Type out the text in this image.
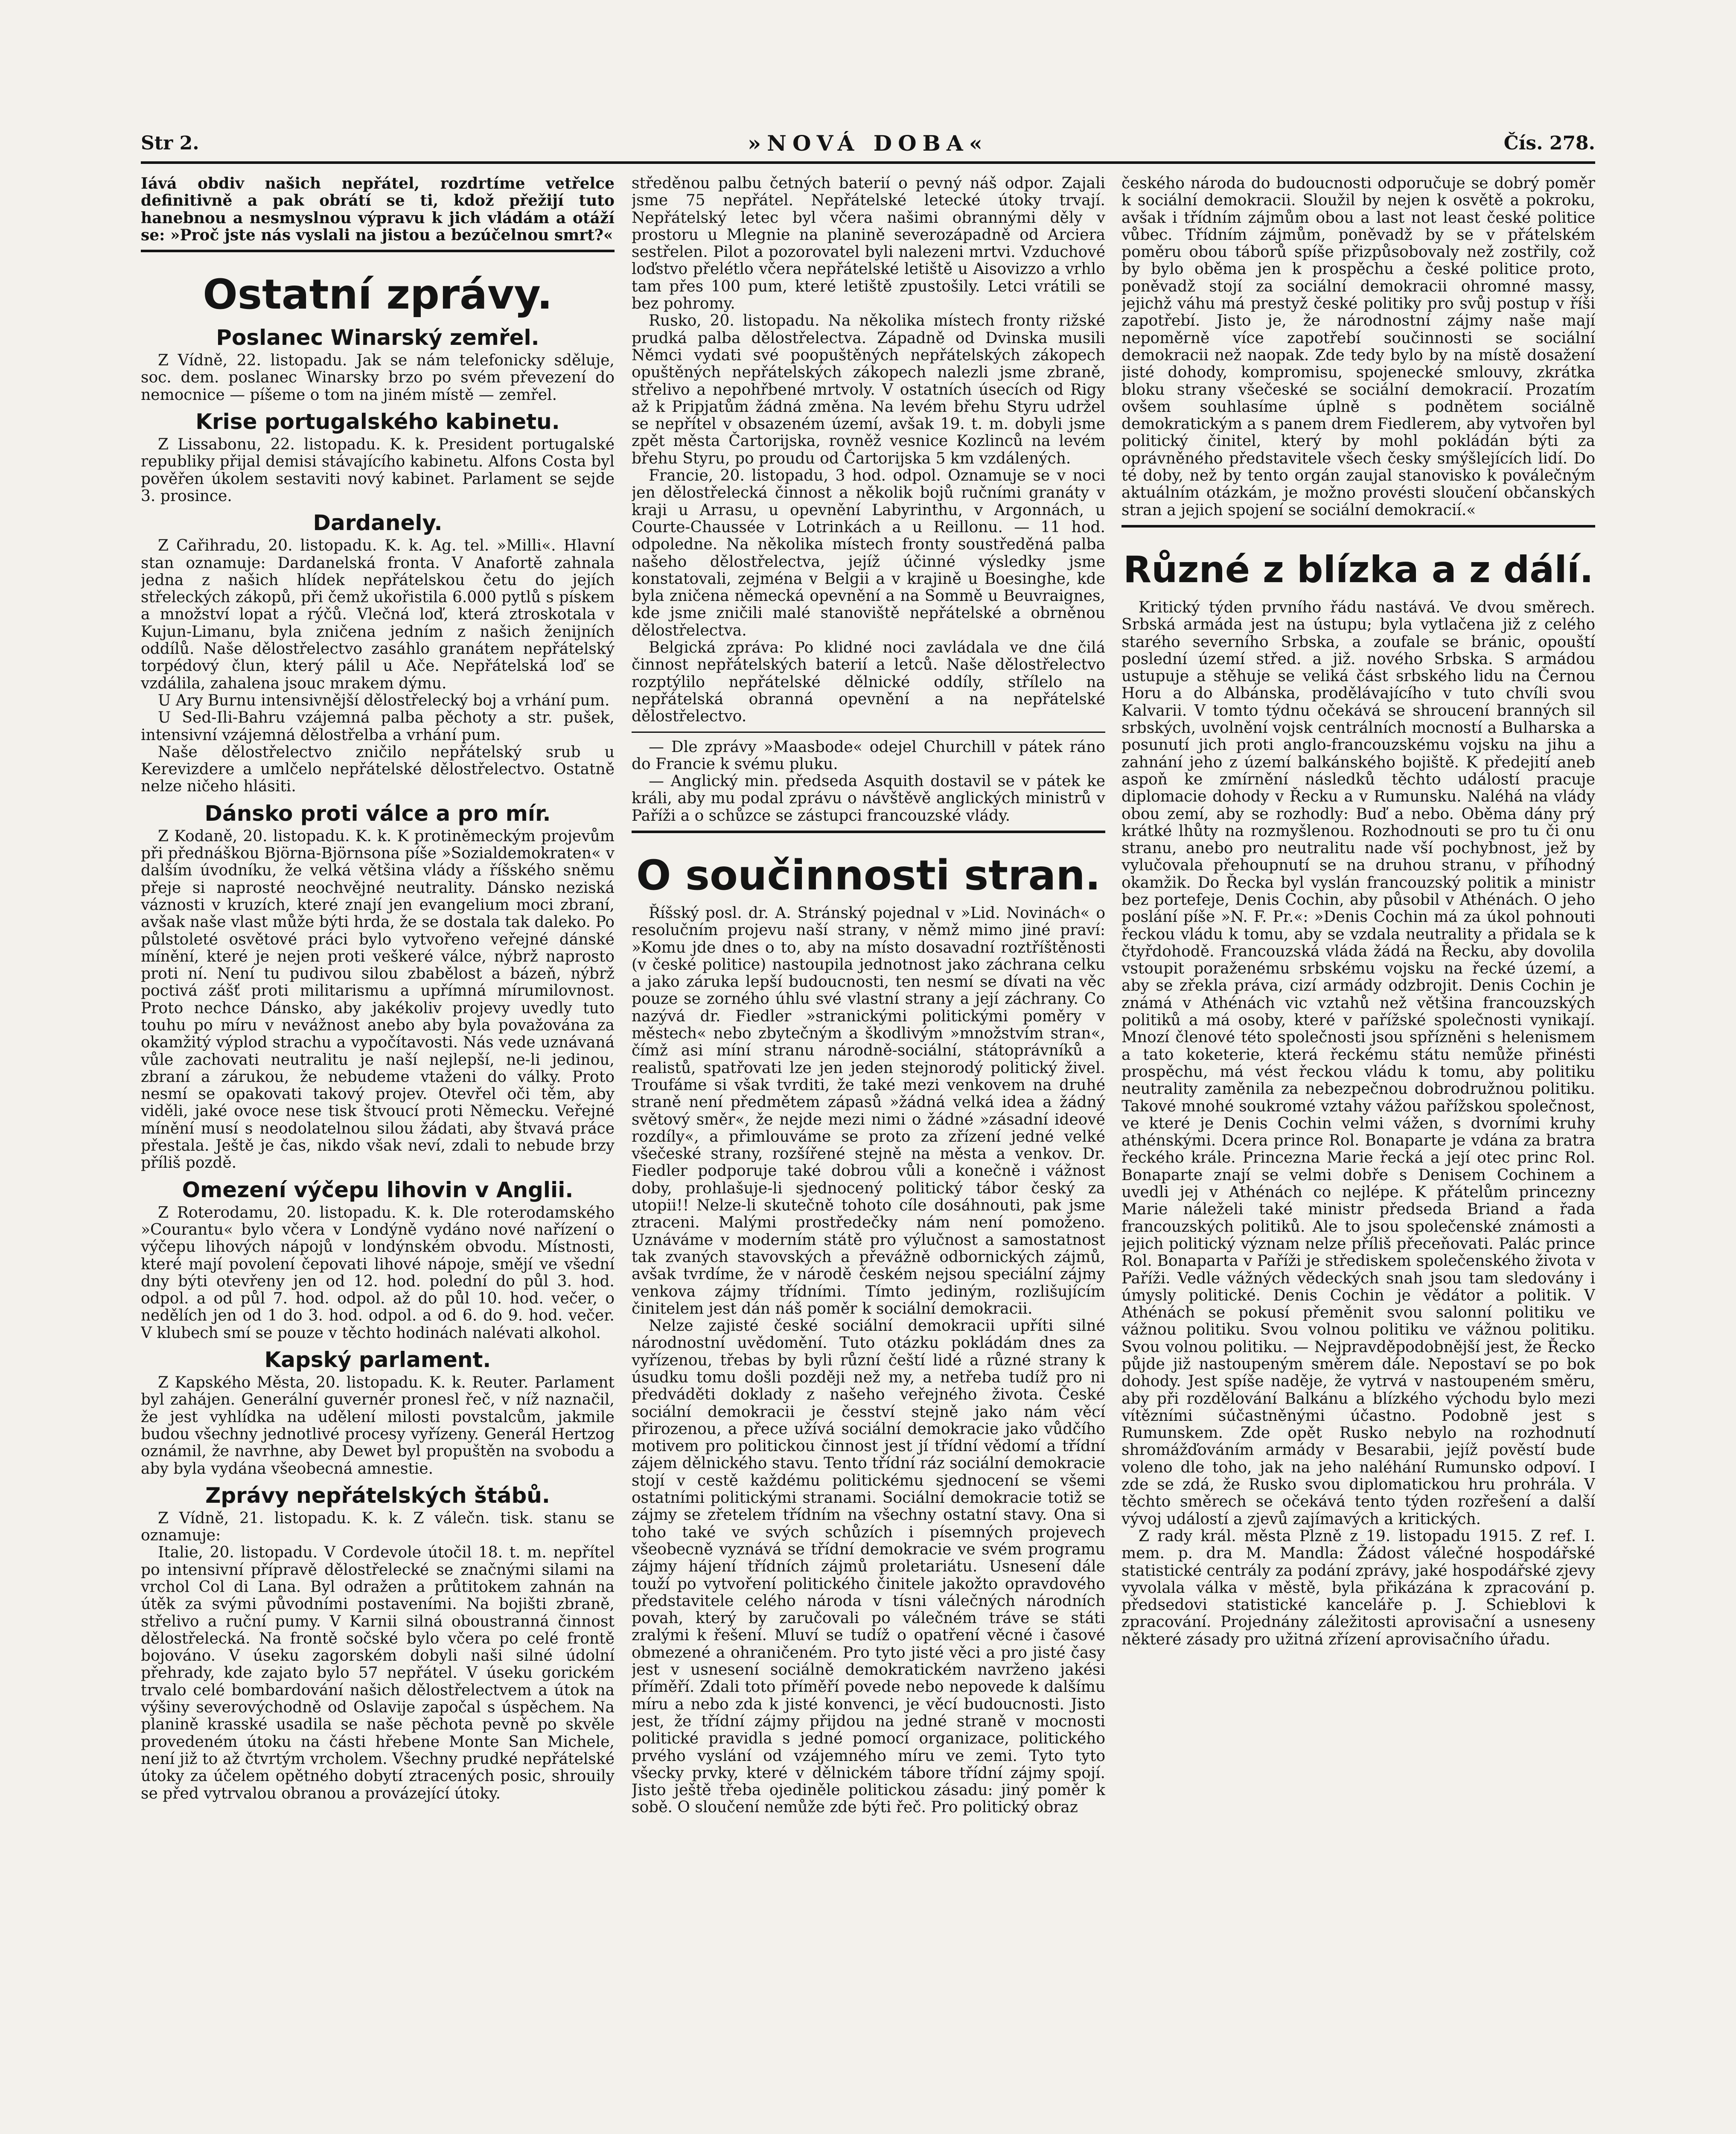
Str 2.	»NOVÁ DOBA«	Čís. 278.

Iává obdiv našich nepřátel, rozdrtíme vetřelce definitivně a pak obrátí se ti, kdož přežijí tuto hanebnou a nesmyslnou výpravu k jich vládám a otáží se: »Proč jste nás vyslali na jistou a bezúčelnou smrt?«

Ostatní zprávy.
Poslanec Winarský zemřel.

Z Vídně, 22. listopadu. Jak se nám telefonicky sděluje, soc. dem. poslanec Winarsky brzo po svém převezení do nemocnice — píšeme o tom na jiném místě — zemřel.

Krise portugalského kabinetu.

Z Lissabonu, 22. listopadu. K. k. President portugalské republiky přijal demisi stávajícího kabinetu. Alfons Costa byl pověřen úkolem sestaviti nový kabinet. Parlament se sejde 3. prosince.

Dardanely.

Z Cařihradu, 20. listopadu. K. k. Ag. tel. »Milli«. Hlavní stan oznamuje: Dardanelská fronta. V Anafortě zahnala jedna z našich hlídek nepřátelskou četu do jejích střeleckých zákopů, při čemž ukořistila 6.000 pytlů s pískem a množství lopat a rýčů. Vlečná loď, která ztroskotala v Kujun-Limanu, byla zničena jedním z našich ženijních oddílů. Naše dělostřelectvo zasáhlo granátem nepřátelský torpédový člun, který pálil u Ače. Nepřátelská loď se vzdálila, zahalena jsouc mrakem dýmu.

U Ary Burnu intensivnější dělostřelecký boj a vrhání pum.

U Sed-Ili-Bahru vzájemná palba pěchoty a str. pušek, intensivní vzájemná dělostřelba a vrhání pum.

Naše dělostřelectvo zničilo nepřátelský srub u Kerevizdere a umlčelo nepřátelské dělostřelectvo. Ostatně nelze ničeho hlásiti.

Dánsko proti válce a pro mír.

Z Kodaně, 20. listopadu. K. k. K protiněmeckým projevům při přednáškou Björna-Björnsona píše »Sozialdemokraten« v dalším úvodníku, že velká většina vlády a říšského sněmu přeje si naprosté neochvějné neutrality. Dánsko neziská váznosti v kruzích, které znají jen evangelium moci zbraní, avšak naše vlast může býti hrda, že se dostala tak daleko. Po půlstoleté osvětové práci bylo vytvořeno veřejné dánské mínění, které je nejen proti veškeré válce, nýbrž naprosto proti ní. Není tu pudivou silou zbabělost a bázeň, nýbrž poctivá zášť proti militarismu a upřímná mírumilovnost. Proto nechce Dánsko, aby jakékoliv projevy uvedly tuto touhu po míru v nevážnost anebo aby byla považována za okamžitý výplod strachu a vypočítavosti. Nás vede uznávaná vůle zachovati neutralitu je naší nejlepší, ne-li jedinou, zbraní a zárukou, že nebudeme vtaženi do války. Proto nesmí se opakovati takový projev. Otevřel oči těm, aby viděli, jaké ovoce nese tisk štvoucí proti Německu. Veřejné mínění musí s neodolatelnou silou žádati, aby štvavá práce přestala. Ještě je čas, nikdo však neví, zdali to nebude brzy příliš pozdě.

Omezení výčepu lihovin v Anglii.

Z Roterodamu, 20. listopadu. K. k. Dle roterodamského »Courantu« bylo včera v Londýně vydáno nové nařízení o výčepu lihových nápojů v londýnském obvodu. Místnosti, které mají povolení čepovati lihové nápoje, smějí ve všední dny býti otevřeny jen od 12. hod. polední do půl 3. hod. odpol. a od půl 7. hod. odpol. až do půl 10. hod. večer, o nedělích jen od 1 do 3. hod. odpol. a od 6. do 9. hod. večer. V klubech smí se pouze v těchto hodinách nalévati alkohol.

Kapský parlament.

Z Kapského Města, 20. listopadu. K. k. Reuter. Parlament byl zahájen. Generální guvernér pronesl řeč, v níž naznačil, že jest vyhlídka na udělení milosti povstalcům, jakmile budou všechny jednotlivé procesy vyřízeny. Generál Hertzog oznámil, že navrhne, aby Dewet byl propuštěn na svobodu a aby byla vydána všeobecná amnestie.

Zprávy nepřátelských štábů.

Z Vídně, 21. listopadu. K. k. Z válečn. tisk. stanu se oznamuje:

Italie, 20. listopadu. V Cordevole útočil 18. t. m. nepřítel po intensivní přípravě dělostřelecké se značnými silami na vrchol Col di Lana. Byl odražen a průtitokem zahnán na útěk za svými původními postaveními. Na bojišti zbraně, střelivo a ruční pumy. V Karnii silná oboustranná činnost dělostřelecká. Na frontě sočské bylo včera po celé frontě bojováno. V úseku zagorském dobyli naši silné údolní přehrady, kde zajato bylo 57 nepřátel. V úseku gorickém trvalo celé bombardování našich dělostřelectvem a útok na výšiny severovýchodně od Oslavije započal s úspěchem. Na planině krasské usadila se naše pěchota pevně po skvěle provedeném útoku na části hřebene Monte San Michele, není již to až čtvrtým vrcholem. Všechny prudké nepřátelské útoky za účelem opětného dobytí ztracených posic, shrouily se před vytrvalou obranou a provázející útoky.

středěnou palbu četných baterií o pevný náš odpor. Zajali jsme 75 nepřátel. Nepřátelské letecké útoky trvají. Nepřátelský letec byl včera našimi obrannými děly v prostoru u Mlegnie na planině severozápadně od Arciera sestřelen. Pilot a pozorovatel byli nalezeni mrtvi. Vzduchové loďstvo přelétlo včera nepřátelské letiště u Aisovizzo a vrhlo tam přes 100 pum, které letiště zpustošily. Letci vrátili se bez pohromy.

Rusko, 20. listopadu. Na několika místech fronty rižské prudká palba dělostřelectva. Západně od Dvinska musili Němci vydati své poopuštěných nepřátelských zákopech opuštěných nepřátelských zákopech nalezli jsme zbraně, střelivo a nepohřbené mrtvoly. V ostatních úsecích od Rigy až k Pripjatům žádná změna. Na levém břehu Styru udržel se nepřítel v obsazeném území, avšak 19. t. m. dobyli jsme zpět města Čartorijska, rovněž vesnice Kozlinců na levém břehu Styru, po proudu od Čartorijska 5 km vzdálených.

Francie, 20. listopadu, 3 hod. odpol. Oznamuje se v noci jen dělostřelecká činnost a několik bojů ručními granáty v kraji u Arrasu, u opevnění Labyrinthu, v Argonnách, u Courte-Chaussée v Lotrinkách a u Reillonu. — 11 hod. odpoledne. Na několika místech fronty soustředěná palba našeho dělostřelectva, jejíž účinné výsledky jsme konstatovali, zejména v Belgii a v krajině u Boesinghe, kde byla zničena německá opevnění a na Sommě u Beuvraignes, kde jsme zničili malé stanoviště nepřátelské a obrněnou dělostřelectva.

Belgická zpráva: Po klidné noci zavládala ve dne čilá činnost nepřátelských baterií a letců. Naše dělostřelectvo rozptýlilo nepřátelské dělnické oddíly, střílelo na nepřátelská obranná opevnění a na nepřátelské dělostřelectvo.

— Dle zprávy »Maasbode« odejel Churchill v pátek ráno do Francie k svému pluku.

— Anglický min. předseda Asquith dostavil se v pátek ke králi, aby mu podal zprávu o návštěvě anglických ministrů v Paříži a o schůzce se zástupci francouzské vlády.

O součinnosti stran.

Říšský posl. dr. A. Stránský pojednal v »Lid. Novinách« o resolučním projevu naší strany, v němž mimo jiné praví: »Komu jde dnes o to, aby na místo dosavadní roztříštěnosti (v české politice) nastoupila jednotnost jako záchrana celku a jako záruka lepší budoucnosti, ten nesmí se dívati na věc pouze se zorného úhlu své vlastní strany a její záchrany. Co nazývá dr. Fiedler »stranickými politickými poměry v městech« nebo zbytečným a škodlivým »množstvím stran«, čímž asi míní stranu národně-sociální, státoprávníků a realistů, spatřovati lze jen jeden stejnorodý politický živel. Troufáme si však tvrditi, že také mezi venkovem na druhé straně není předmětem zápasů »žádná velká idea a žádný světový směr«, že nejde mezi nimi o žádné »zásadní ideové rozdíly«, a přimlouváme se proto za zřízení jedné velké všečeské strany, rozšířené stejně na města a venkov. Dr. Fiedler podporuje také dobrou vůli a konečně i vážnost doby, prohlašuje-li sjednocený politický tábor český za utopii!! Nelze-li skutečně tohoto cíle dosáhnouti, pak jsme ztraceni. Malými prostředečky nám není pomoženo. Uznáváme v moderním státě pro výlučnost a samostatnost tak zvaných stavovských a převážně odbornických zájmů, avšak tvrdíme, že v národě českém nejsou speciální zájmy venkova zájmy třídními. Tímto jediným, rozlišujícím činitelem jest dán náš poměr k sociální demokracii.

Nelze zajisté české sociální demokracii upříti silné národnostní uvědomění. Tuto otázku pokládám dnes za vyřízenou, třebas by byli různí čeští lidé a různé strany k úsudku tomu došli později než my, a netřeba tudíž pro ni předváděti doklady z našeho veřejného života. České sociální demokracii je česství stejně jako nám věcí přirozenou, a přece užívá sociální demokracie jako vůdčího motivem pro politickou činnost jest jí třídní vědomí a třídní zájem dělnického stavu. Tento třídní ráz sociální demokracie stojí v cestě každému politickému sjednocení se všemi ostatními politickými stranami. Sociální demokracie totiž se zájmy se zřetelem třídním na všechny ostatní stavy. Ona si toho také ve svých schůzích i písemných projevech všeobecně vyznává se třídní demokracie ve svém programu zájmy hájení třídních zájmů proletariátu. Usnesení dále touží po vytvoření politického činitele jakožto opravdového představitele celého národa v tísni válečných národních povah, který by zaručovali po válečném tráve se státi zralými k řešení. Mluví se tudíž o opatření věcné i časové obmezené a ohraničeném. Pro tyto jisté věci a pro jisté časy jest v usnesení sociálně demokratickém navrženo jakési příměří. Zdali toto příměří povede nebo nepovede k dalšímu míru a nebo zda k jisté konvenci, je věcí budoucnosti. Jisto jest, že třídní zájmy přijdou na jedné straně v mocnosti politické pravidla s jedné pomocí organizace, politického prvého vyslání od vzájemného míru ve zemi. Tyto tyto všecky prvky, které v dělnickém tábore třídní zájmy spojí. Jisto ještě třeba ojediněle politickou zásadu: jiný poměr k sobě. O sloučení nemůže zde býti řeč. Pro politický obraz

českého národa do budoucnosti odporučuje se dobrý poměr k sociální demokracii. Sloužil by nejen k osvětě a pokroku, avšak i třídním zájmům obou a last not least české politice vůbec. Třídním zájmům, poněvadž by se v přátelském poměru obou táborů spíše přizpůsobovaly než zostřily, což by bylo oběma jen k prospěchu a české politice proto, poněvadž stojí za sociální demokracii ohromné massy, jejichž váhu má prestyž české politiky pro svůj postup v říši zapotřebí. Jisto je, že národnostní zájmy naše mají nepoměrně více zapotřebí součinnosti se sociální demokracii než naopak. Zde tedy bylo by na místě dosažení jisté dohody, kompromisu, spojenecké smlouvy, zkrátka bloku strany všečeské se sociální demokracií. Prozatím ovšem souhlasíme úplně s podnětem sociálně demokratickým a s panem drem Fiedlerem, aby vytvořen byl politický činitel, který by mohl pokládán býti za oprávněného představitele všech česky smýšlejících lidí. Do té doby, než by tento orgán zaujal stanovisko k poválečným aktuálním otázkám, je možno provésti sloučení občanských stran a jejich spojení se sociální demokracií.«

Různé z blízka a z dálí.

Kritický týden prvního řádu nastává. Ve dvou směrech. Srbská armáda jest na ústupu; byla vytlačena již z celého starého severního Srbska, a zoufale se bránic, opouští poslední území střed. a již. nového Srbska. S armádou ustupuje a stěhuje se veliká část srbského lidu na Černou Horu a do Albánska, prodělávajícího v tuto chvíli svou Kalvarii. V tomto týdnu očekává se shroucení branných sil srbských, uvolnění vojsk centrálních mocností a Bulharska a posunutí jich proti anglo-francouzskému vojsku na jihu a zahnání jeho z území balkánského bojiště. K předejití aneb aspoň ke zmírnění následků těchto událostí pracuje diplomacie dohody v Řecku a v Rumunsku. Naléhá na vlády obou zemí, aby se rozhodly: Buď a nebo. Oběma dány prý krátké lhůty na rozmyšlenou. Rozhodnouti se pro tu či onu stranu, anebo pro neutralitu nade vší pochybnost, jež by vylučovala přehoupnutí se na druhou stranu, v příhodný okamžik. Do Řecka byl vyslán francouzský politik a ministr bez portefeje, Denis Cochin, aby působil v Athénách. O jeho poslání píše »N. F. Pr.«: »Denis Cochin má za úkol pohnouti řeckou vládu k tomu, aby se vzdala neutrality a přidala se k čtyřdohodě. Francouzská vláda žádá na Řecku, aby dovolila vstoupit poraženému srbskému vojsku na řecké území, a aby se zřekla práva, cizí armády odzbrojit. Denis Cochin je známá v Athénách vic vztahů než většina francouzských politiků a má osoby, které v pařížské společnosti vynikají. Mnozí členové této společnosti jsou spřízněni s helenismem a tato koketerie, která řeckému státu nemůže přinésti prospěchu, má vést řeckou vládu k tomu, aby politiku neutrality zaměnila za nebezpečnou dobrodružnou politiku. Takové mnohé soukromé vztahy vážou pařížskou společnost, ve které je Denis Cochin velmi vážen, s dvorními kruhy athénskými. Dcera prince Rol. Bonaparte je vdána za bratra řeckého krále. Princezna Marie řecká a její otec princ Rol. Bonaparte znají se velmi dobře s Denisem Cochinem a uvedli jej v Athénách co nejlépe. K přátelům princezny Marie náleželi také ministr předseda Briand a řada francouzských politiků. Ale to jsou společenské známosti a jejich politický význam nelze příliš přeceňovati. Palác prince Rol. Bonaparta v Paříži je střediskem společenského života v Paříži. Vedle vážných vědeckých snah jsou tam sledovány i úmysly politické. Denis Cochin je vědátor a politik. V Athénách se pokusí přeměnit svou salonní politiku ve vážnou politiku. Svou volnou politiku ve vážnou politiku. Svou volnou politiku. — Nejpravděpodobnější jest, že Řecko půjde již nastoupeným směrem dále. Nepostaví se po bok dohody. Jest spíše naděje, že vytrvá v nastoupeném směru, aby při rozdělování Balkánu a blízkého východu bylo mezi vítězními súčastněnými účastno. Podobně jest s Rumunskem. Zde opět Rusko nebylo na rozhodnutí shromážďováním armády v Besarabii, jejíž pověstí bude voleno dle toho, jak na jeho naléhání Rumunsko odpoví. I zde se zdá, že Rusko svou diplomatickou hru prohrála. V těchto směrech se očekává tento týden rozřešení a další vývoj událostí a zjevů zajímavých a kritických.

Z rady král. města Plzně z 19. listopadu 1915. Z ref. I. mem. p. dra M. Mandla: Žádost válečné hospodářské statistické centrály za podání zprávy, jaké hospodářské zjevy vyvolala válka v městě, byla přikázána k zpracování p. předsedovi statistické kanceláře p. J. Schieblovi k zpracování. Projednány záležitosti aprovisační a usneseny některé zásady pro užitná zřízení aprovisačního úřadu.
